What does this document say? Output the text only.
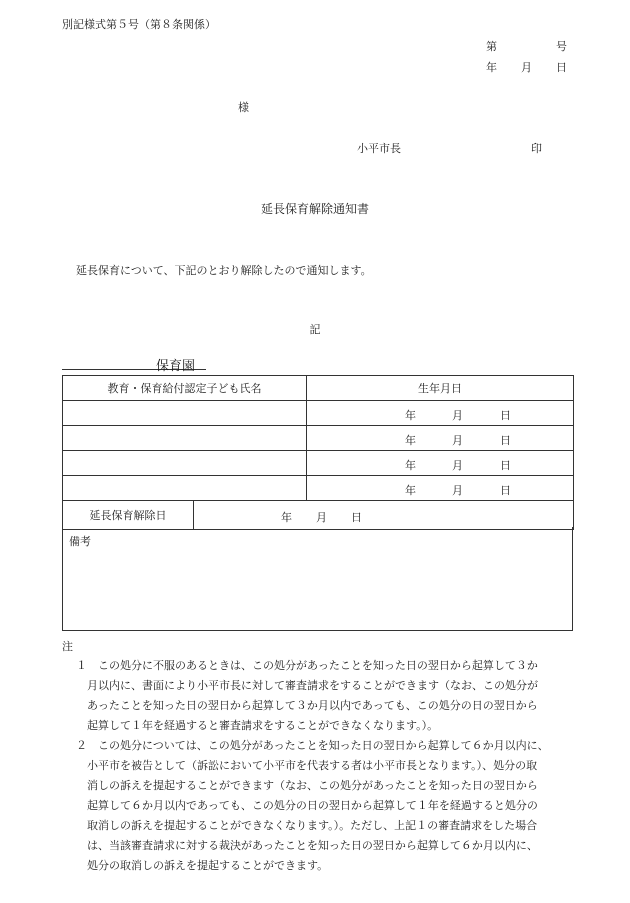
別記様式第５号（第８条関係）
第	号
年 月 日
様
小平市長	印
延長保育解除通知書
延長保育について、下記のとおり解除したので通知します。
記
保育園
教育・保育給付認定子ども氏名		生年月日

		年 月 日

		年 月 日

		年 月 日

		年 月 日

延長保育解除日	年 月 日	
備考
注
１ この処分に不服のあるときは、この処分があったことを知った日の翌日から起算して３か
月以内に、書面により小平市長に対して審査請求をすることができます（なお、この処分が
あったことを知った日の翌日から起算して３か月以内であっても、この処分の日の翌日から
起算して１年を経過すると審査請求をすることができなくなります。）。
２ この処分については、この処分があったことを知った日の翌日から起算して６か月以内に、
小平市を被告として（訴訟において小平市を代表する者は小平市長となります。）、処分の取
消しの訴えを提起することができます（なお、この処分があったことを知った日の翌日から
起算して６か月以内であっても、この処分の日の翌日から起算して１年を経過すると処分の
取消しの訴えを提起することができなくなります。）。ただし、上記１の審査請求をした場合
は、当該審査請求に対する裁決があったことを知った日の翌日から起算して６か月以内に、
処分の取消しの訴えを提起することができます。
